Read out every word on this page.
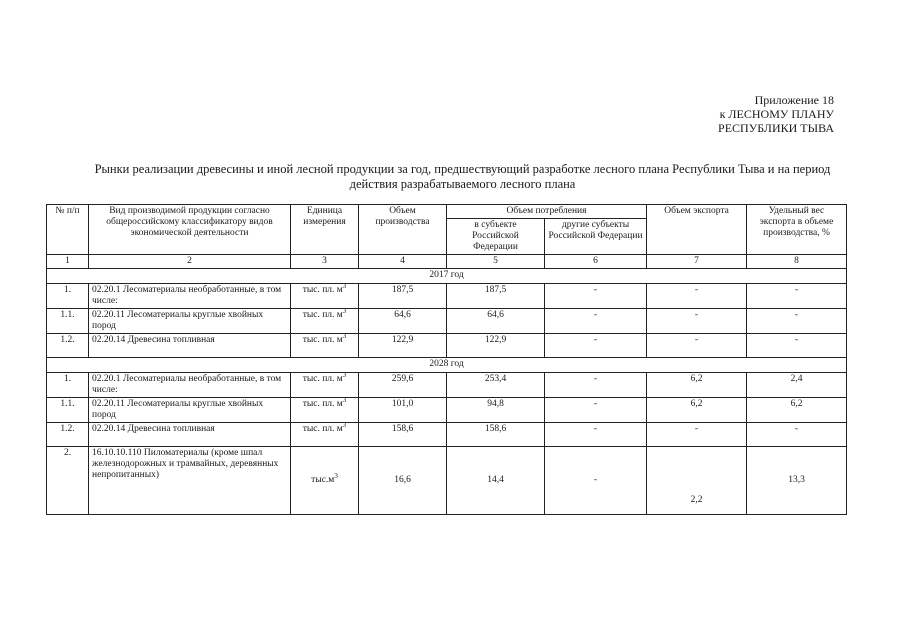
Приложение 18
к ЛЕСНОМУ ПЛАНУ
РЕСПУБЛИКИ ТЫВА
Рынки реализации древесины и иной лесной продукции за год, предшествующий разработке лесного плана Республики Тыва и на период действия разрабатываемого лесного плана
№ п/п	Вид производимой продукции согласно общероссийскому классификатору видов экономической деятельности	Единица измерения	Объем производства	Объем потребления		Объем экспорта	Удельный вес экспорта в объеме производства, %
				в субъекте Российской Федерации	другие субъекты Российской Федерации		
1	2	3	4	5	6	7	8
2017 год							
1.	02.20.1 Лесоматериалы необработанные, в том числе:	тыс. пл. $м^3$	187,5	187,5	-	-	-
1.1.	02.20.11 Лесоматериалы круглые хвойных пород	тыс. пл. $м^3$	64,6	64,6	-	-	-
1.2.	02.20.14 Древесина топливная	тыс. пл. $м^3$	122,9	122,9	-	-	-
2028 год							
1.	02.20.1 Лесоматериалы необработанные, в том числе:	тыс. пл. $м^3$	259,6	253,4	-	6,2	2,4
1.1.	02.20.11 Лесоматериалы круглые хвойных пород	тыс. пл. $м^3$	101,0	94,8	-	6,2	6,2
1.2.	02.20.14 Древесина топливная	тыс. пл. $м^3$	158,6	158,6	-	-	-
2.	16.10.10.110 Пиломатериалы (кроме шпал железнодорожных и трамвайных, деревянных непропитанных)	$тыс.м^3$	16,6	14,4	-	2,2	13,3
